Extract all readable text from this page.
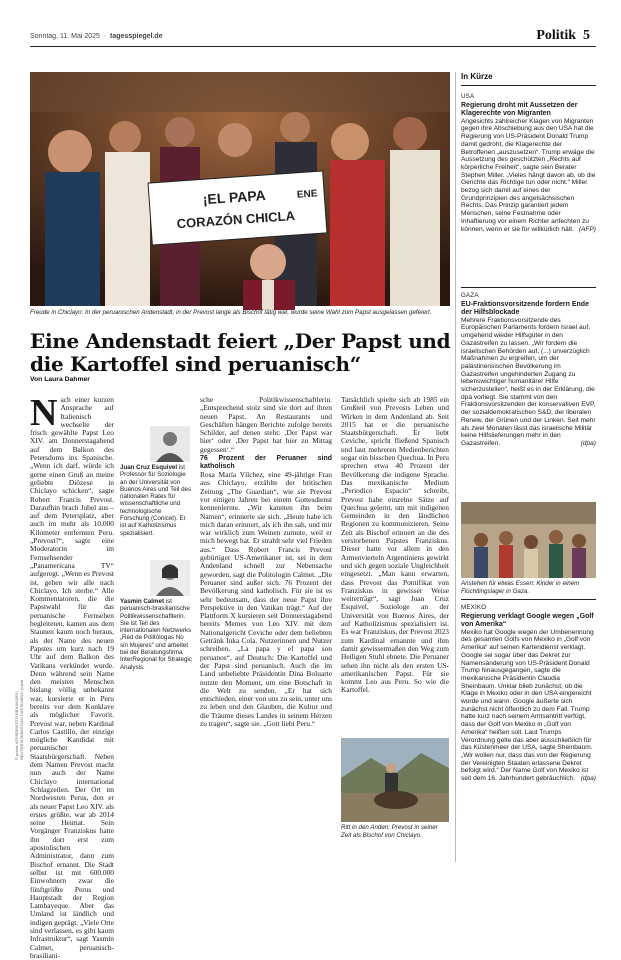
Sonntag, 11. Mai 2025  ·  tagesspiegel.de	Politik 5
¡EL PAPA	ENE
CORAZÓN CHICLA
Freude in Chiclayo: In der peruanischen Andenstadt, in der Prevost lange als Bischof tätig war, wurde seine Wahl zum Papst ausgelassen gefeiert.
Eine Andenstadt feiert „Der Papst und die Kartoffel sind peruanisch“
Von Laura Dahmer
N ach einer kurzen Ansprache auf Italienisch wechselte der frisch gewählte Papst Leo XIV. am Donnerstagabend auf dem Balkon des Petersdoms ins Spanische. „Wenn ich darf, würde ich gerne einen Gruß an meine geliebte Diözese in Chiclayo schicken“, sagte Robert Francis Prevost. Daraufhin brach Jubel aus – auf dem Petersplatz, aber auch im mehr als 10.000 Kilometer entfernten Peru. „Prevost?“, sagte eine Moderatorin im Fernsehsender „Panamericana TV“ aufgeregt. „Wenn es Prevost ist, gehen wir alle nach Chiclayo. Ich sterbe.“ Alle Kommentatoren, die die Papstwahl für das peruanische Fernsehen begleiteten, kamen aus dem Staunen kaum noch heraus, als der Name des neuen Papstes um kurz nach 19 Uhr auf dem Balkon des Vatikans verkündet wurde. Denn während sein Name den meisten Menschen bislang völlig unbekannt war, kursierte er in Peru bereits vor dem Konklave als möglicher Favorit. Prevost war, neben Kardinal Carlos Castillo, der einzige mögliche Kandidat mit peruanischer Staatsbürgerschaft. Neben dem Namen Prevost macht nun auch der Name Chiclayo international Schlagzeilen. Der Ort im Nordwesten Perus, den er als neuer Papst Leo XIV. als erstes grüßte, war ab 2014 seine Heimat. Sein Vorgänger Franziskus hatte ihn dort erst zum apostolischen Administrator, dann zum Bischof ernannt. Die Stadt selbst ist mit 600.000 Einwohnern zwar die fünftgrößte Perus und Hauptstadt der Region Lambayeque. Aber das Umland ist ländlich und indigen geprägt. „Viele Orte sind verlassen, es gibt kaum Infrastruktur“, sagt Yasmin Calmet, peruanisch-brasiliani-

Juan Cruz Esquivel ist Professor für Soziologie an der Universität von Buenos Aires und Teil des nationalen Rates für wissenschaftliche und technologische Forschung (Conicet). Er ist auf Katholizismus spezialisiert.
Yasmin Calmet ist peruanisch-brasilianische Politikwissenschaftlerin. Sie ist Teil des internationalen Netzwerks „Red de Politólogas No sin Mujeres“ und arbeitet bei der Beratungsfirma InterRegional for Strategic Analysis.

sche Politikwissenschaftlerin. „Entsprechend stolz sind sie dort auf ihren neuen Papst. An Restaurants und Geschäften hängen Berichte zufolge bereits Schilder, auf denen steht: ‚Der Papst war hier‘ oder ‚Der Papst hat hier zu Mittag gegessen‘.“

76 Prozent der Peruaner sind katholisch

Rosa María Vílchez, eine 49-jährige Frau aus Chiclayo, erzählte der britischen Zeitung „The Guardian“, wie sie Prevost vor einigen Jahren bei einem Gottesdienst kennenlernte. „Wir kannten ihn beim Namen“, erinnerte sie sich. „Heute habe ich mich daran erinnert, als ich ihn sah, und mir war wirklich zum Weinen zumute, weil er mich bewegt hat. Er strahlt sehr viel Frieden aus.“ Dass Robert Francis Prevost gebürtiger US-Amerikaner ist, sei in dem Andenland schnell zur Nebensache geworden, sagt die Politologin Calmet. „Die Peruaner sind außer sich. 76 Prozent der Bevölkerung sind katholisch. Für sie ist es sehr bedeutsam, dass der neue Papst ihre Perspektive in den Vatikan trägt.“ Auf der Plattform X kursieren seit Donnerstagabend bereits Memes von Leo XIV. mit dem Nationalgericht Ceviche oder dem beliebten Getränk Inka Cola. Nutzerinnen und Nutzer schreiben, „La papa y el papa son peruanos“, auf Deutsch: Die Kartoffel und der Papst sind peruanisch. Auch die im Land unbeliebte Präsidentin Dina Boluarte nutzte den Moment, um eine Botschaft in die Welt zu senden. „Er hat sich entschieden, einer von uns zu sein, unter uns zu leben und den Glauben, die Kultur und die Träume dieses Landes in seinem Herzen zu tragen“, sagte sie. „Gott liebt Peru.“

Tatsächlich spielte sich ab 1985 ein Großteil von Prevosts Leben und Wirken in dem Andenland ab. Seit 2015 hat er die peruanische Staatsbürgerschaft. Er liebt Ceviche, spricht fließend Spanisch und laut mehreren Medienberichten sogar ein bisschen Quechua. In Peru sprechen etwa 40 Prozent der Bevölkerung die indigene Sprache. Das mexikanische Medium „Periodico Espacio“ schreibt, Prevost habe einzelne Sätze auf Quechua gelernt, um mit indigenen Gemeinden in den ländlichen Regionen zu kommunizieren. Seine Zeit als Bischof erinnert an die des verstorbenen Papstes Franziskus. Dieser hatte vor allem in den Armenvierteln Argentiniens gewirkt und sich gegen soziale Ungleichheit eingesetzt. „Man kann erwarten, dass Prevost das Pontifikat von Franziskus in gewisser Weise weiterträgt“, sagt Juan Cruz Esquivel, Soziologe an der Universität von Buenos Aires, der auf Katholizismus spezialisiert ist. Es war Franziskus, der Prevost 2023 zum Kardinal ernannte und ihm damit gewissermaßen den Weg zum Heiligen Stuhl ebnete. Die Peruaner sehen ihn nicht als den ersten US-amerikanischen Papst. Für sie kommt Leo aus Peru. So wie die Kartoffel.

Ritt in den Anden: Prevost in seiner Zeit als Bischof von Chiclayo.
© privat; AFP/ERNESTO BENAVIDES; REUTERS/SEBASTIAN CASTANEDA; privat
In Kürze
USA
Regierung droht mit Aussetzen der Klagerechte von Migranten
Angesichts zahlreicher Klagen von Migranten gegen ihre Abschiebung aus den USA hat die Regierung von US-Präsident Donald Trump damit gedroht, die Klagerechte der Betroffenen „auszusetzen“. Trump erwäge die Aussetzung des geschützten „Rechts auf körperliche Freiheit“, sagte sein Berater Stephen Miller. „Vieles hängt davon ab, ob die Gerichte das Richtige tun oder nicht.“ Miller bezog sich damit auf eines der Grundprinzipien des angelsächsischen Rechts. Das Prinzip garantiert jedem Menschen, seine Festnahme oder Inhaftierung vor einem Richter anfechten zu können, wenn er sie für willkürlich hält. (AFP)
GAZA
EU-Fraktionsvorsitzende fordern Ende der Hilfsblockade
Mehrere Fraktionsvorsitzende des Europäischen Parlaments fordern Israel auf, umgehend wieder Hilfsgüter in den Gazastreifen zu lassen. „Wir fordern die israelischen Behörden auf, (...) unverzüglich Maßnahmen zu ergreifen, um der palästinensischen Bevölkerung im Gazastreifen ungehinderten Zugang zu lebenswichtiger humanitärer Hilfe sicherzustellen“, heißt es in der Erklärung, die dpa vorliegt. Sie stammt von den Fraktionsvorsitzenden der konservativen EVP, der sozialdemokratischen S&D, der liberalen Renew, der Grünen und der Linken. Seit mehr als zwei Monaten lässt das israelische Militär keine Hilfslieferungen mehr in den Gazastreifen.	(dpa)
Anstehen für etwas Essen: Kinder in einem Flüchtlingslager in Gaza.
MEXIKO
Regierung verklagt Google wegen „Golf von Amerika“
Mexiko hat Google wegen der Umbenennung des gesamten Golfs von Mexiko in „Golf von Amerika“ auf seinen Kartendienst verklagt. Google sei sogar über das Dekret zur Namensänderung von US-Präsident Donald Trump hinausgegangen, sagte die mexikanische Präsidentin Claudia Sheinbaum. Unklar blieb zunächst, ob die Klage in Mexiko oder in den USA eingereicht wurde und wann. Google äußerte sich zunächst nicht öffentlich zu dem Fall. Trump hatte kurz nach seinem Amtsantritt verfügt, dass der Golf von Mexiko in „Golf von Amerika“ heißen soll. Laut Trumps Verordnung gelte das aber ausschließlich für das Küstenmeer der USA, sagte Sheinbaum. „Wir wollen nur, dass das von der Regierung der Vereinigten Staaten erlassene Dekret befolgt wird.“ Der Name Golf von Mexiko ist seit dem 16. Jahrhundert gebräuchlich. (dpa)
